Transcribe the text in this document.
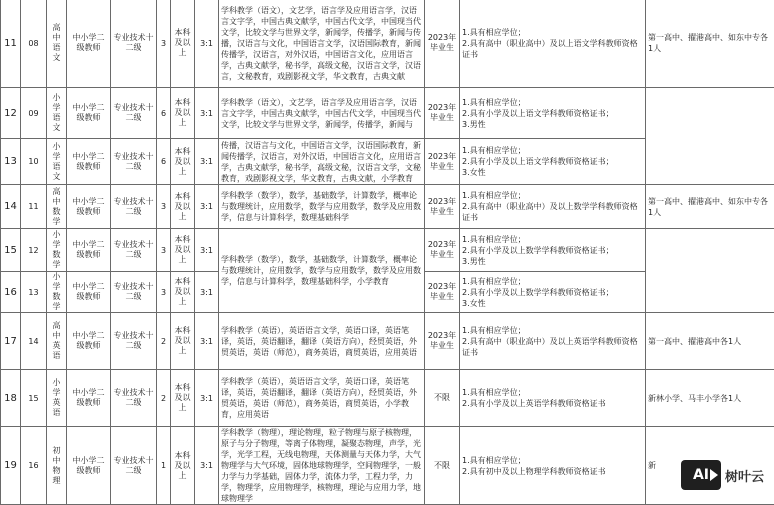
11	08	高中语文	中小学二级教师	专业技术十二级	3	本科及以上	3:1	学科教学（语文），文艺学，语言学及应用语言学，汉语言文字学，中国古典文献学，中国古代文学，中国现当代文学，比较文学与世界文学，新闻学，传播学，新闻与传播，汉语言与文化，中国语言文学，汉语国际教育，新闻传播学，汉语言，对外汉语，中国语言文化，应用语言学，古典文献学，秘书学，高级文秘，汉语言文学，汉语言，文秘教育，戏剧影视文学，华文教育，古典文献	2023年毕业生	1.具有相应学位；
2.具有高中（职业高中）及以上语文学科教师资格证书	第一高中、擢港高中、如东中专各1人
12	09	小学语文	中小学二级教师	专业技术十二级	6	本科及以上	3:1	学科教学（语文），文艺学，语言学及应用语言学，汉语言文字学，中国古典文献学，中国古代文学，中国现当代文学，比较文学与世界文学，新闻学，传播学，新闻与	2023年毕业生	1.具有相应学位；
2.具有小学及以上语文学科教师资格证书；
3.男性	
13	10	小学语文	中小学二级教师	专业技术十二级	6	本科及以上	3:1	传播，汉语言与文化，中国语言文学，汉语国际教育，新闻传播学，汉语言，对外汉语，中国语言文化，应用语言学，古典文献学，秘书学，高级文秘，汉语言文学，文秘教育，戏剧影视文学，华文教育，古典文献，小学教育	2023年毕业生	1.具有相应学位；
2.具有小学及以上语文学科教师资格证书；
3.女性	
14	11	高中数学	中小学二级教师	专业技术十二级	3	本科及以上	3:1	学科教学（数学），数学，基础数学，计算数学，概率论与数理统计，应用数学，数学与应用数学，数学及应用数学，信息与计算科学，数理基础科学	2023年毕业生	1.具有相应学位；
2.具有高中（职业高中）及以上数学学科教师资格证书	第一高中、擢港高中、如东中专各1人
15	12	小学数学	中小学二级教师	专业技术十二级	3	本科及以上	3:1	学科教学（数学），数学，基础数学，计算数学，概率论与数理统计，应用数学，数学与应用数学，数学及应用数学，信息与计算科学，数理基础科学，小学教育	2023年毕业生	1.具有相应学位；
2.具有小学及以上数学学科教师资格证书；
3.男性	
16	13	小学数学	中小学二级教师	专业技术十二级	3	本科及以上	3:1		2023年毕业生	1.具有相应学位；
2.具有小学及以上数学学科教师资格证书；
3.女性	
17	14	高中英语	中小学二级教师	专业技术十二级	2	本科及以上	3:1	学科教学（英语），英语语言文学，英语口译，英语笔译，英语，英语翻译，翻译（英语方向），经贸英语，外贸英语，英语（师范），商务英语，商贸英语，应用英语	2023年毕业生	1.具有相应学位；
2.具有高中（职业高中）及以上英语学科教师资格证书	第一高中、擢港高中各1人
18	15	小学英语	中小学二级教师	专业技术十二级	2	本科及以上	3:1	学科教学（英语），英语语言文学，英语口译，英语笔译，英语，英语翻译，翻译（英语方向），经贸英语，外贸英语，英语（师范），商务英语，商贸英语，小学教育，应用英语	不限	1.具有相应学位；
2.具有小学及以上英语学科教师资格证书	新林小学、马丰小学各1人
19	16	初中物理	中小学二级教师	专业技术十二级	1	本科及以上	3:1	学科教学（物理），理论物理，粒子物理与原子核物理，原子与分子物理，等离子体物理，凝聚态物理，声学，光学，光学工程，无线电物理，天体测量与天体力学，大气物理学与大气环境，固体地球物理学，空间物理学，一般力学与力学基础，固体力学，流体力学，工程力学，力学，物理学，应用物理学，核物理，理论与应用力学，地球物理学	不限	1.具有相应学位；
2.具有初中及以上物理学科教师资格证书	新
AI 树叶云
